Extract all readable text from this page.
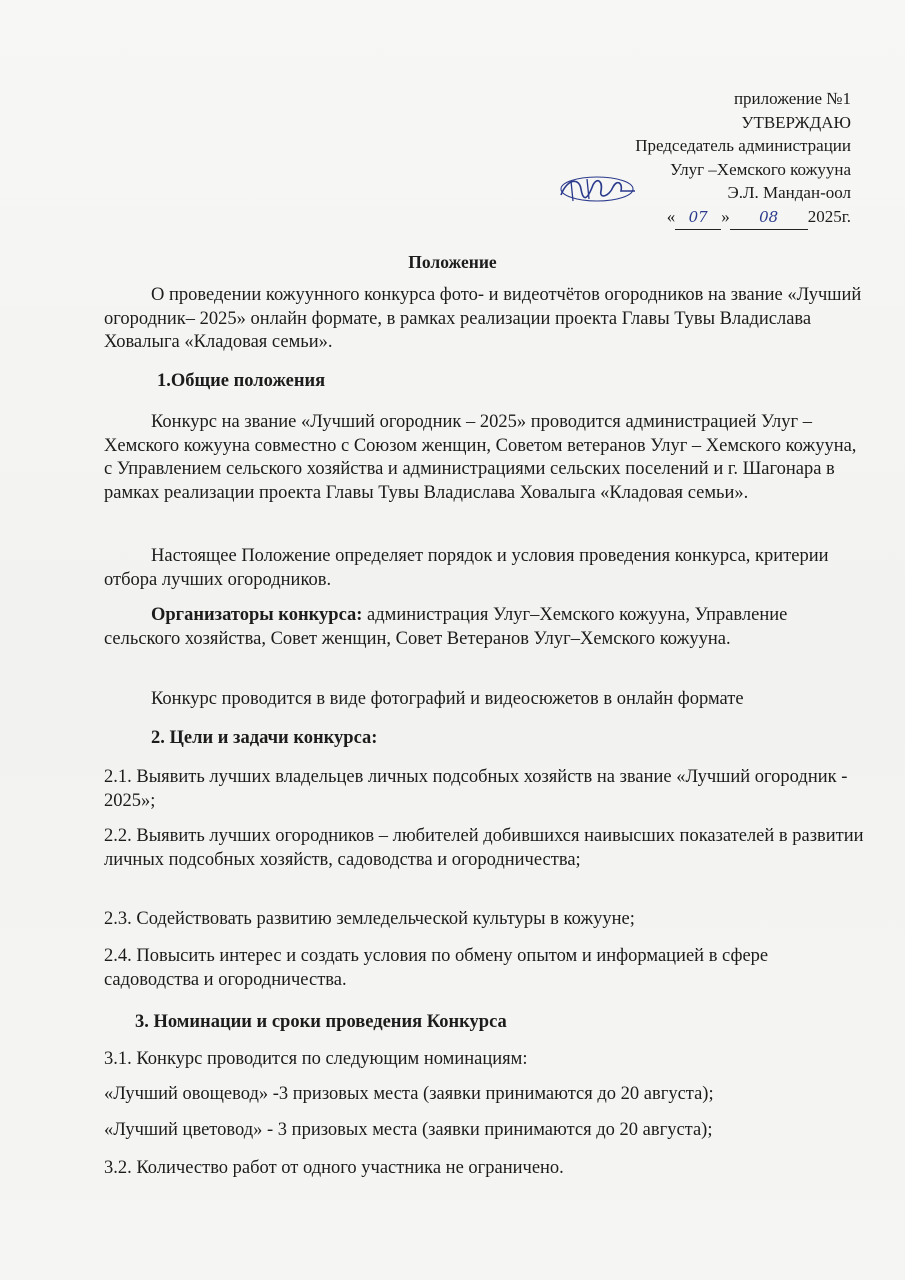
приложение №1
УТВЕРЖДАЮ
Председатель администрации
Улуг –Хемского кожууна
Э.Л. Мандан-оол
« 07 » 08 2025г.
Положение
О проведении кожуунного конкурса фото- и видеотчётов огородников на звание «Лучший огородник– 2025» онлайн формате, в рамках реализации проекта Главы Тувы Владислава Ховалыга «Кладовая семьи».
1.Общие положения
Конкурс на звание «Лучший огородник – 2025» проводится администрацией Улуг – Хемского кожууна совместно с Союзом женщин, Советом ветеранов Улуг – Хемского кожууна, с Управлением сельского хозяйства и администрациями сельских поселений и г. Шагонара в рамках реализации проекта Главы Тувы Владислава Ховалыга «Кладовая семьи».
Настоящее Положение определяет порядок и условия проведения конкурса, критерии отбора лучших огородников.
Организаторы конкурса: администрация Улуг–Хемского кожууна, Управление сельского хозяйства, Совет женщин, Совет Ветеранов Улуг–Хемского кожууна.
Конкурс проводится в виде фотографий и видеосюжетов в онлайн формате
2. Цели и задачи конкурса:
2.1. Выявить лучших владельцев личных подсобных хозяйств на звание «Лучший огородник - 2025»;
2.2. Выявить лучших огородников – любителей добившихся наивысших показателей в развитии личных подсобных хозяйств, садоводства и огородничества;
2.3. Содействовать развитию земледельческой культуры в кожууне;
2.4. Повысить интерес и создать условия по обмену опытом и информацией в сфере садоводства и огородничества.
3. Номинации и сроки проведения Конкурса
3.1. Конкурс проводится по следующим номинациям:
«Лучший овощевод» -3 призовых места (заявки принимаются до 20 августа);
«Лучший цветовод» - 3 призовых места (заявки принимаются до 20 августа);
3.2. Количество работ от одного участника не ограничено.
